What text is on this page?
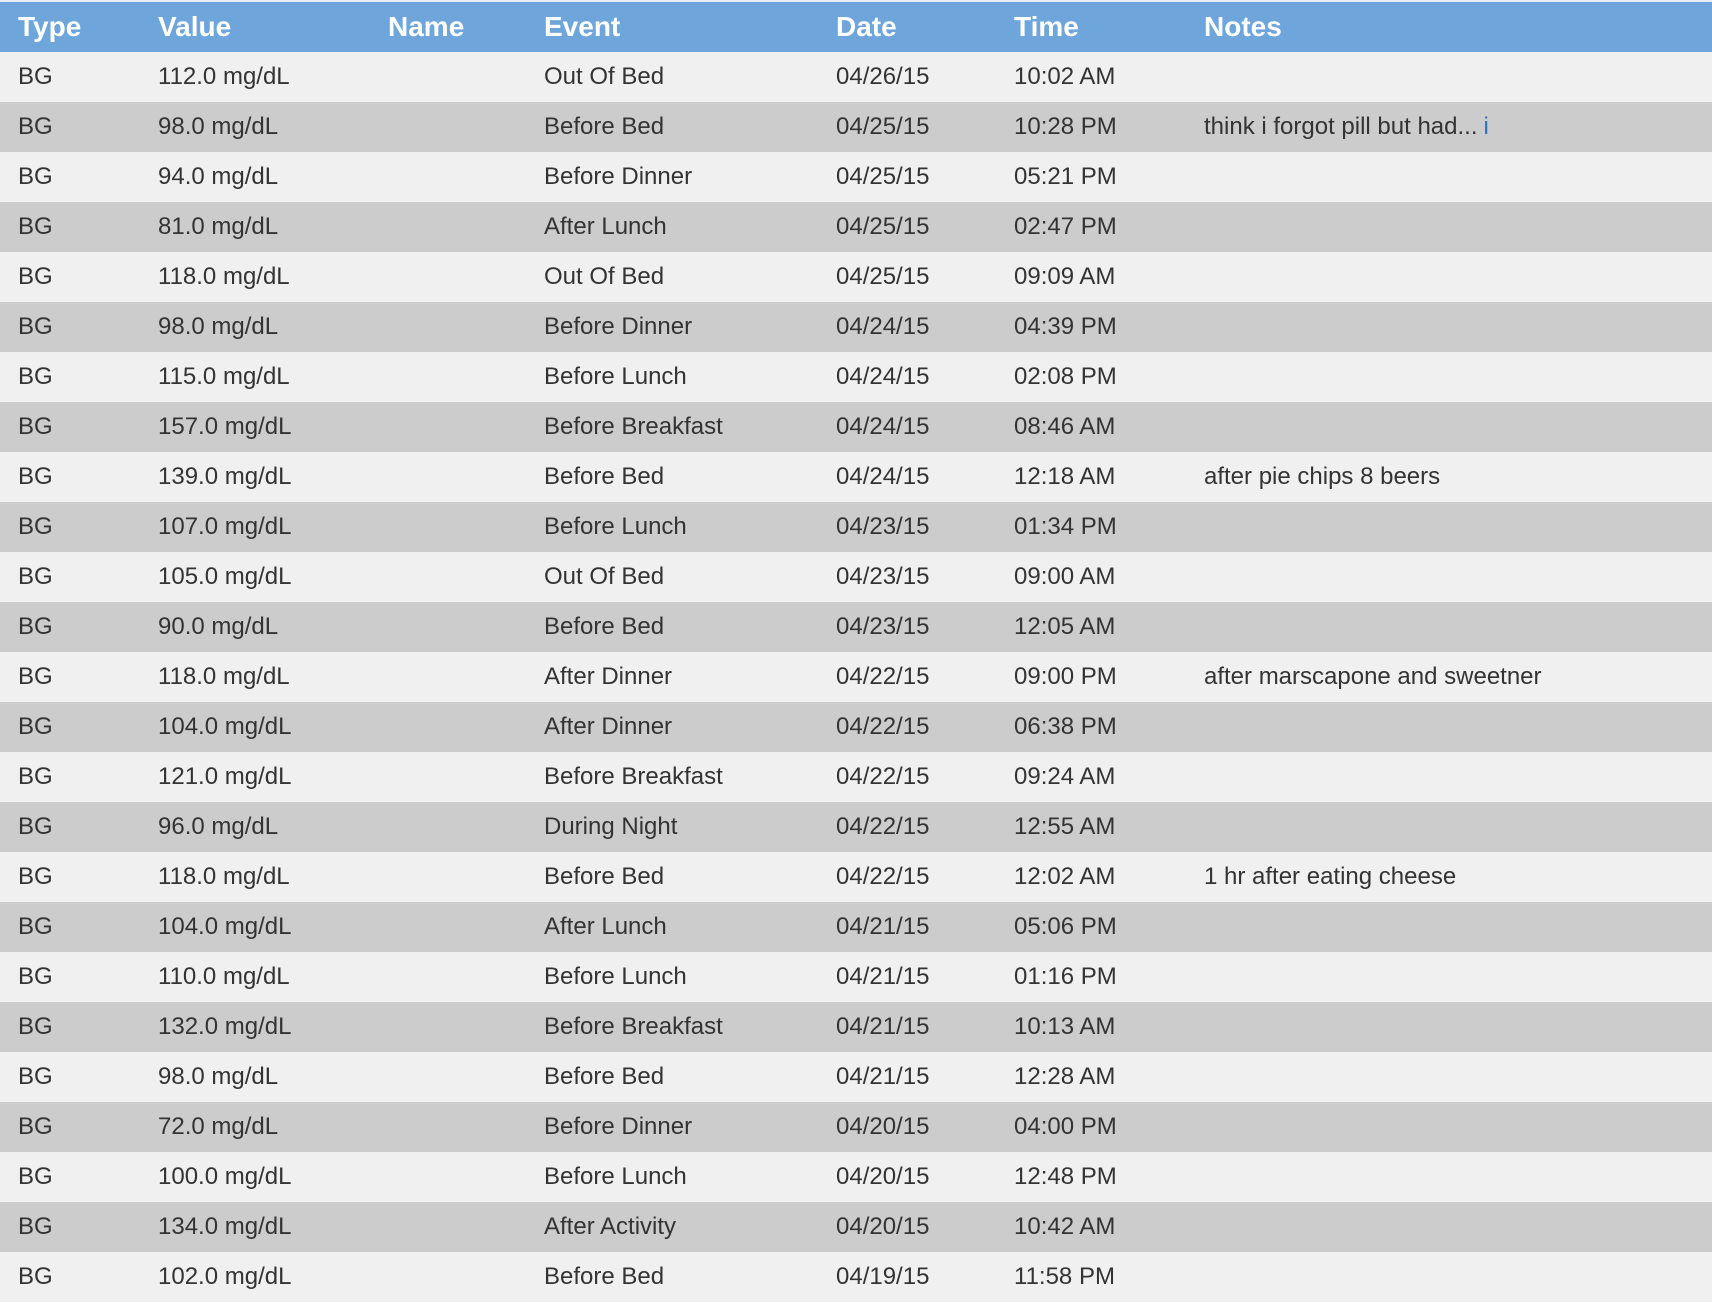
Type	Value	Name	Event	Date	Time	Notes
BG	112.0 mg/dL		Out Of Bed	04/26/15	10:02 AM	
BG	98.0 mg/dL		Before Bed	04/25/15	10:28 PM	think i forgot pill but had... i
BG	94.0 mg/dL		Before Dinner	04/25/15	05:21 PM	
BG	81.0 mg/dL		After Lunch	04/25/15	02:47 PM	
BG	118.0 mg/dL		Out Of Bed	04/25/15	09:09 AM	
BG	98.0 mg/dL		Before Dinner	04/24/15	04:39 PM	
BG	115.0 mg/dL		Before Lunch	04/24/15	02:08 PM	
BG	157.0 mg/dL		Before Breakfast	04/24/15	08:46 AM	
BG	139.0 mg/dL		Before Bed	04/24/15	12:18 AM	after pie chips 8 beers
BG	107.0 mg/dL		Before Lunch	04/23/15	01:34 PM	
BG	105.0 mg/dL		Out Of Bed	04/23/15	09:00 AM	
BG	90.0 mg/dL		Before Bed	04/23/15	12:05 AM	
BG	118.0 mg/dL		After Dinner	04/22/15	09:00 PM	after marscapone and sweetner
BG	104.0 mg/dL		After Dinner	04/22/15	06:38 PM	
BG	121.0 mg/dL		Before Breakfast	04/22/15	09:24 AM	
BG	96.0 mg/dL		During Night	04/22/15	12:55 AM	
BG	118.0 mg/dL		Before Bed	04/22/15	12:02 AM	1 hr after eating cheese
BG	104.0 mg/dL		After Lunch	04/21/15	05:06 PM	
BG	110.0 mg/dL		Before Lunch	04/21/15	01:16 PM	
BG	132.0 mg/dL		Before Breakfast	04/21/15	10:13 AM	
BG	98.0 mg/dL		Before Bed	04/21/15	12:28 AM	
BG	72.0 mg/dL		Before Dinner	04/20/15	04:00 PM	
BG	100.0 mg/dL		Before Lunch	04/20/15	12:48 PM	
BG	134.0 mg/dL		After Activity	04/20/15	10:42 AM	
BG	102.0 mg/dL		Before Bed	04/19/15	11:58 PM	
